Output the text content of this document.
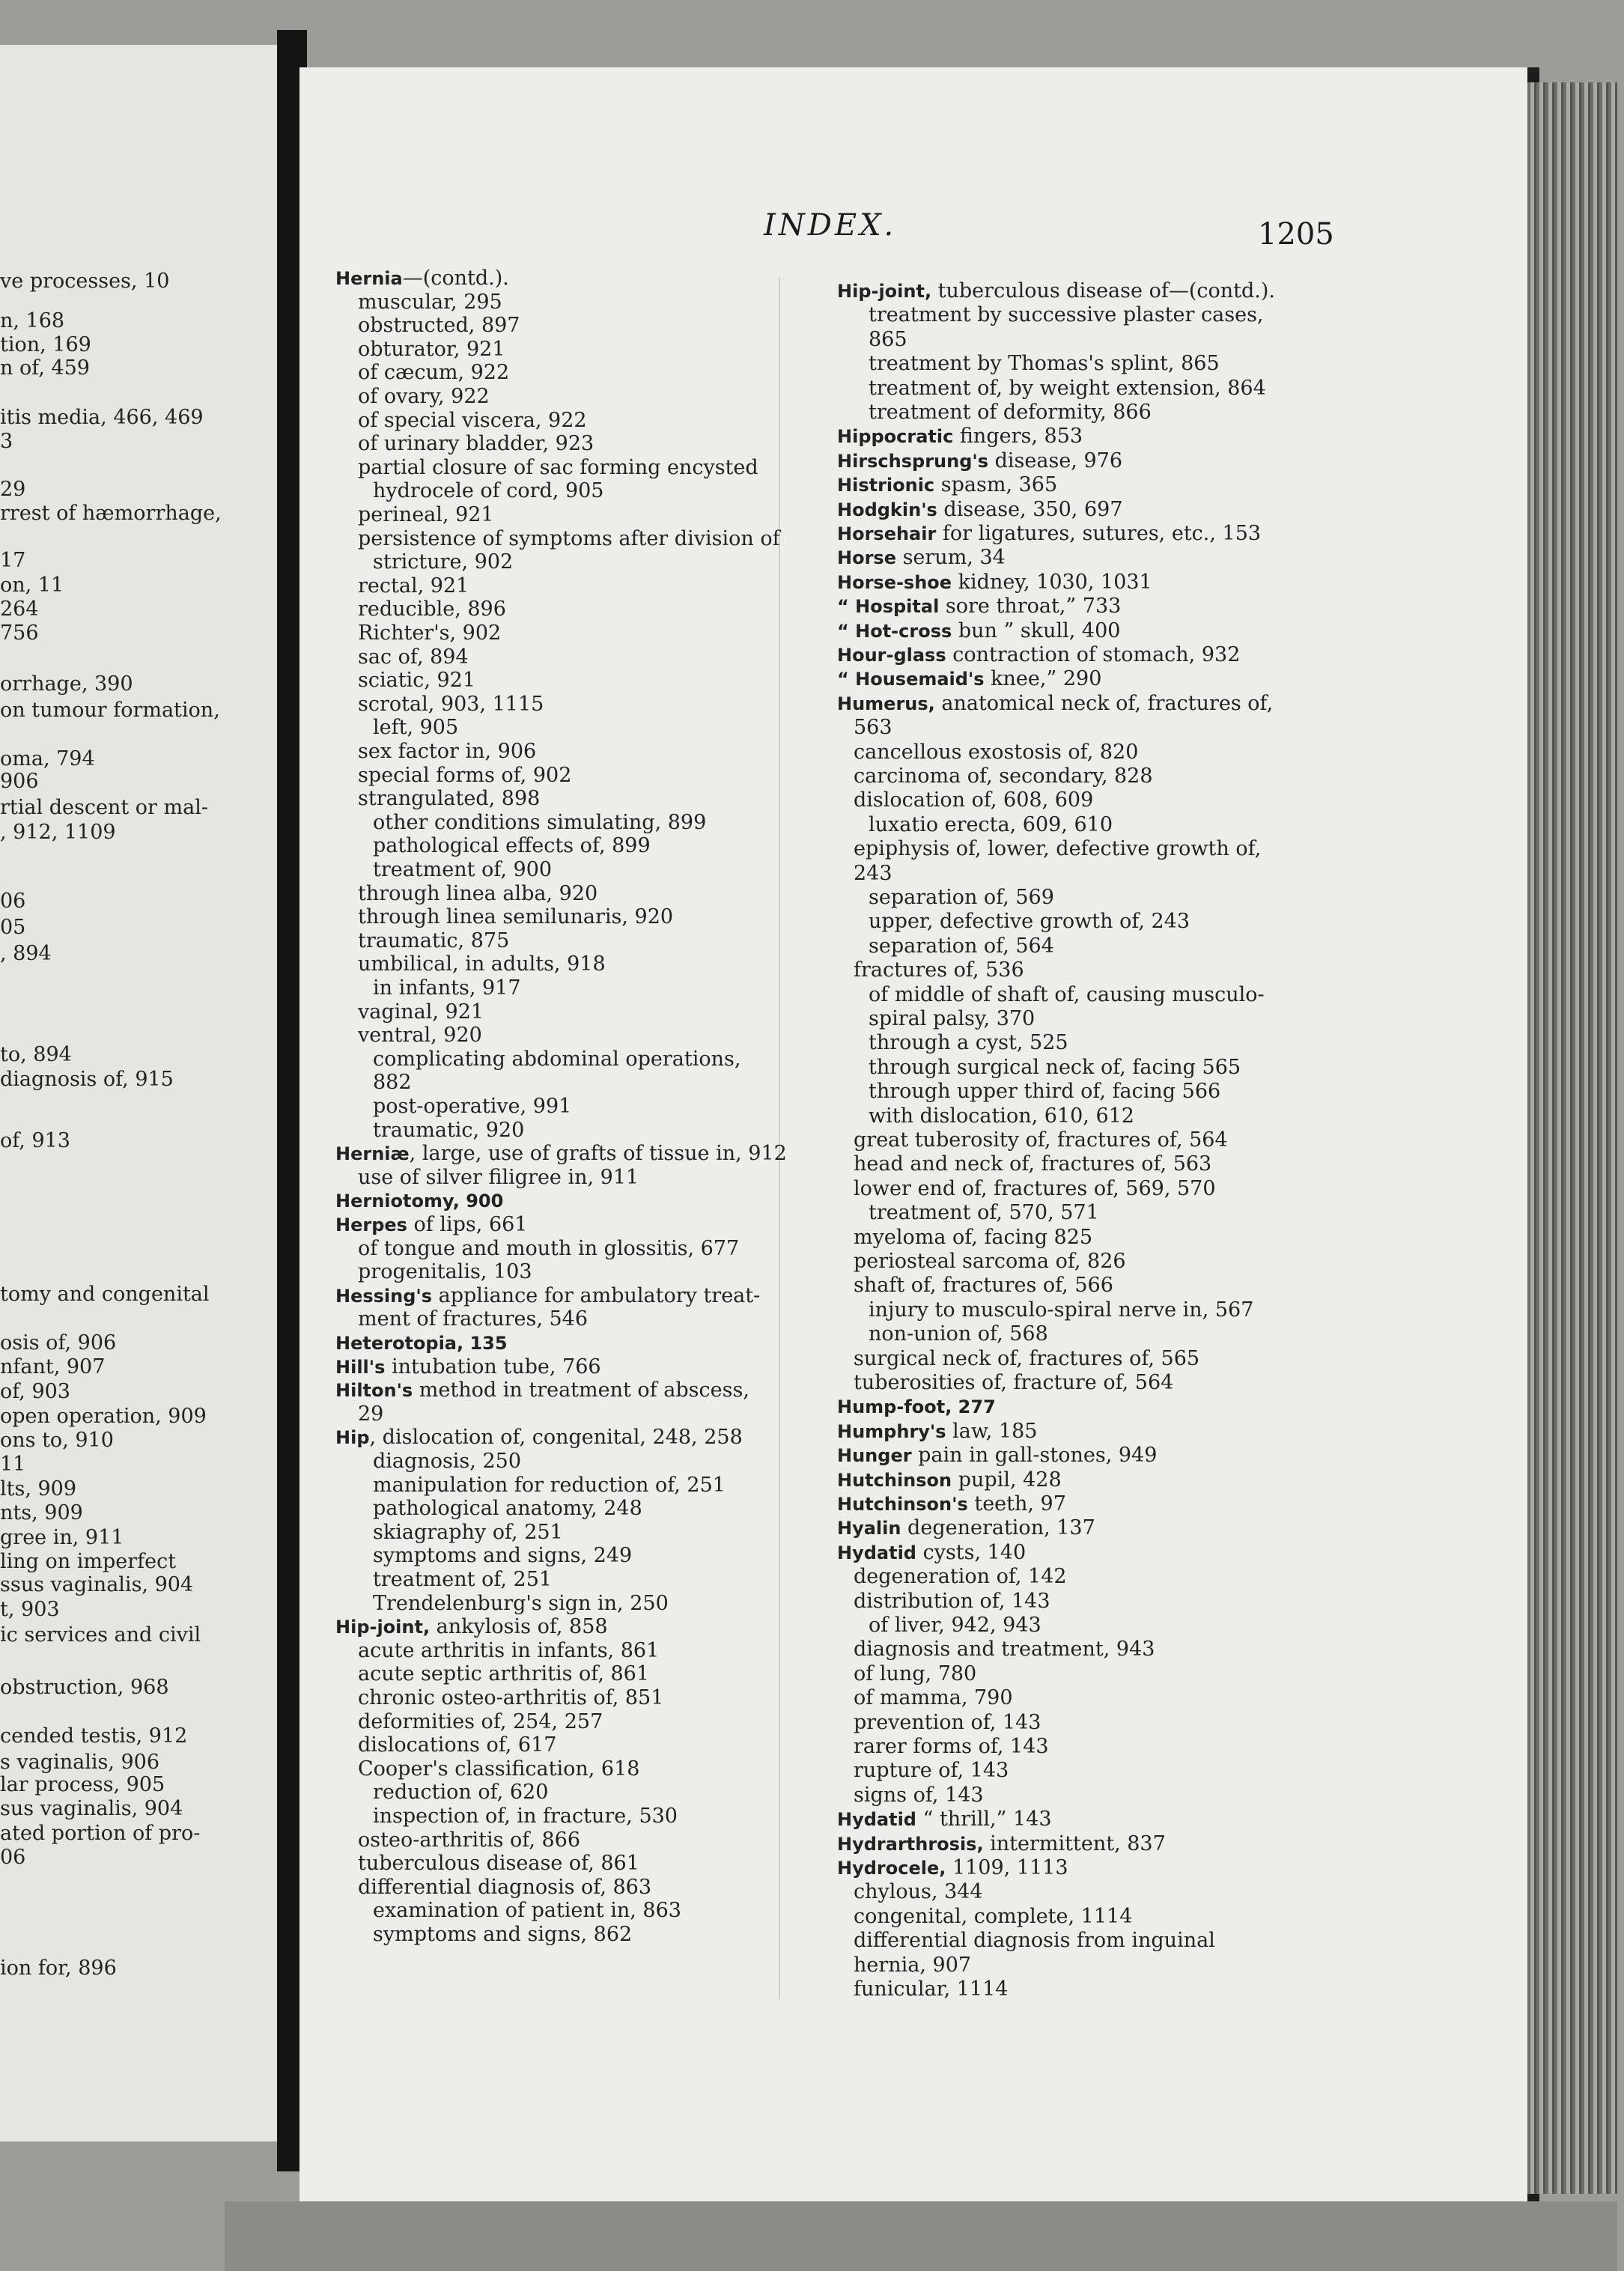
INDEX.	1205
ve processes, 10
n, 168
tion, 169
n of, 459
itis media, 466, 469
3
29
rrest of hæmorrhage,
17
on, 11
264
756
orrhage, 390
on tumour formation,
oma, 794
906
rtial descent or mal-
, 912, 1109
06
05
, 894
to, 894
diagnosis of, 915
of, 913
tomy and congenital
osis of, 906
nfant, 907
of, 903
open operation, 909
ons to, 910
11
lts, 909
nts, 909
gree in, 911
ling on imperfect
ssus vaginalis, 904
t, 903
ic services and civil
obstruction, 968
cended testis, 912
s vaginalis, 906
lar process, 905
sus vaginalis, 904
ated portion of pro-
06
ion for, 896
Hernia—(contd.).
muscular, 295
obstructed, 897
obturator, 921
of cæcum, 922
of ovary, 922
of special viscera, 922
of urinary bladder, 923
partial closure of sac forming encysted
hydrocele of cord, 905
perineal, 921
persistence of symptoms after division of
stricture, 902
rectal, 921
reducible, 896
Richter's, 902
sac of, 894
sciatic, 921
scrotal, 903, 1115
left, 905
sex factor in, 906
special forms of, 902
strangulated, 898
other conditions simulating, 899
pathological effects of, 899
treatment of, 900
through linea alba, 920
through linea semilunaris, 920
traumatic, 875
umbilical, in adults, 918
in infants, 917
vaginal, 921
ventral, 920
complicating abdominal operations,
882
post-operative, 991
traumatic, 920
Herniæ, large, use of grafts of tissue in, 912
use of silver filigree in, 911
Herniotomy, 900
Herpes of lips, 661
of tongue and mouth in glossitis, 677
progenitalis, 103
Hessing's appliance for ambulatory treat-
ment of fractures, 546
Heterotopia, 135
Hill's intubation tube, 766
Hilton's method in treatment of abscess,
29
Hip, dislocation of, congenital, 248, 258
diagnosis, 250
manipulation for reduction of, 251
pathological anatomy, 248
skiagraphy of, 251
symptoms and signs, 249
treatment of, 251
Trendelenburg's sign in, 250
Hip-joint, ankylosis of, 858
acute arthritis in infants, 861
acute septic arthritis of, 861
chronic osteo-arthritis of, 851
deformities of, 254, 257
dislocations of, 617
Cooper's classification, 618
reduction of, 620
inspection of, in fracture, 530
osteo-arthritis of, 866
tuberculous disease of, 861
differential diagnosis of, 863
examination of patient in, 863
symptoms and signs, 862
Hip-joint, tuberculous disease of—(contd.).
treatment by successive plaster cases,
865
treatment by Thomas's splint, 865
treatment of, by weight extension, 864
treatment of deformity, 866
Hippocratic fingers, 853
Hirschsprung's disease, 976
Histrionic spasm, 365
Hodgkin's disease, 350, 697
Horsehair for ligatures, sutures, etc., 153
Horse serum, 34
Horse-shoe kidney, 1030, 1031
“ Hospital sore throat,” 733
“ Hot-cross bun ” skull, 400
Hour-glass contraction of stomach, 932
“ Housemaid's knee,” 290
Humerus, anatomical neck of, fractures of,
563
cancellous exostosis of, 820
carcinoma of, secondary, 828
dislocation of, 608, 609
luxatio erecta, 609, 610
epiphysis of, lower, defective growth of,
243
separation of, 569
upper, defective growth of, 243
separation of, 564
fractures of, 536
of middle of shaft of, causing musculo-
spiral palsy, 370
through a cyst, 525
through surgical neck of, facing 565
through upper third of, facing 566
with dislocation, 610, 612
great tuberosity of, fractures of, 564
head and neck of, fractures of, 563
lower end of, fractures of, 569, 570
treatment of, 570, 571
myeloma of, facing 825
periosteal sarcoma of, 826
shaft of, fractures of, 566
injury to musculo-spiral nerve in, 567
non-union of, 568
surgical neck of, fractures of, 565
tuberosities of, fracture of, 564
Hump-foot, 277
Humphry's law, 185
Hunger pain in gall-stones, 949
Hutchinson pupil, 428
Hutchinson's teeth, 97
Hyalin degeneration, 137
Hydatid cysts, 140
degeneration of, 142
distribution of, 143
of liver, 942, 943
diagnosis and treatment, 943
of lung, 780
of mamma, 790
prevention of, 143
rarer forms of, 143
rupture of, 143
signs of, 143
Hydatid “ thrill,” 143
Hydrarthrosis, intermittent, 837
Hydrocele, 1109, 1113
chylous, 344
congenital, complete, 1114
differential diagnosis from inguinal
hernia, 907
funicular, 1114
